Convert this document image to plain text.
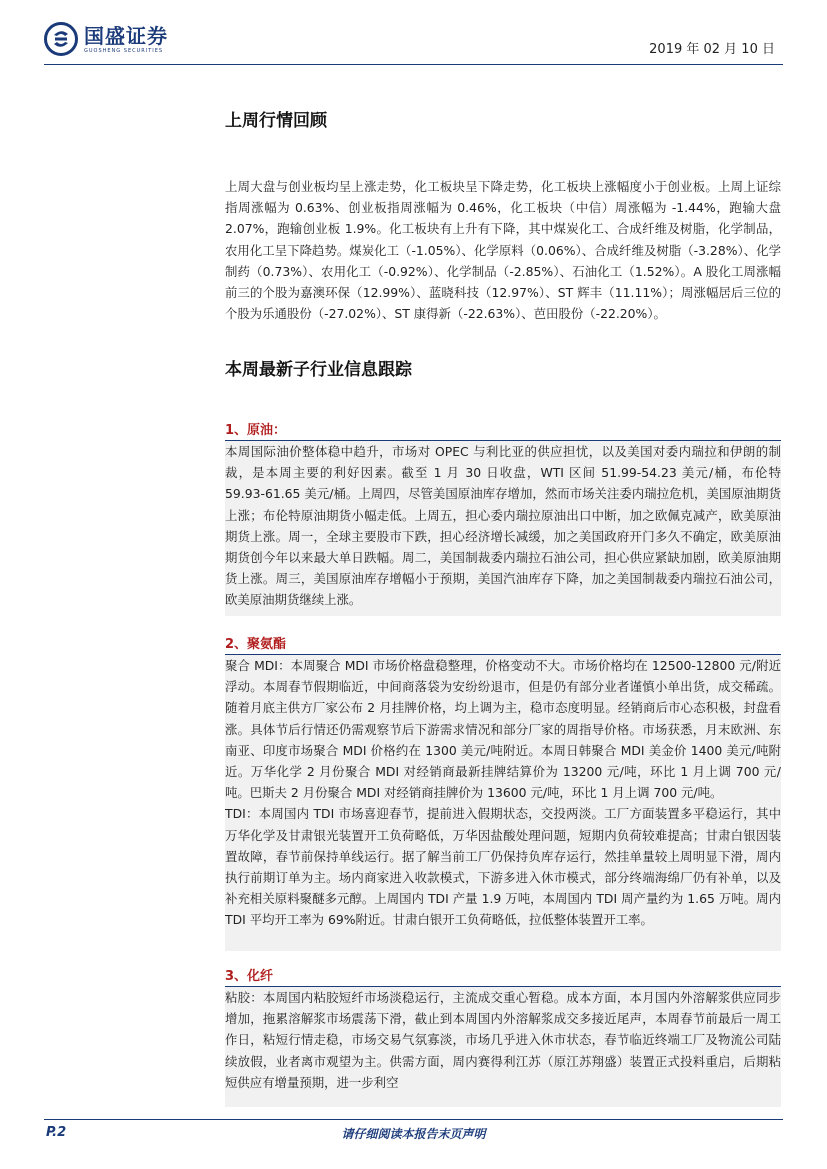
国盛证券
GUOSHENG SECURITIES	2019 年 02 月 10 日
上周行情回顾
上周大盘与创业板均呈上涨走势，化工板块呈下降走势，化工板块上涨幅度小于创业板。上周上证综指周涨幅为 0.63%、创业板指周涨幅为 0.46%，化工板块（中信）周涨幅为 -1.44%，跑输大盘 2.07%，跑输创业板 1.9%。化工板块有上升有下降，其中煤炭化工、合成纤维及树脂，化学制品，农用化工呈下降趋势。煤炭化工（-1.05%）、化学原料（0.06%）、合成纤维及树脂（-3.28%）、化学制药（0.73%）、农用化工（-0.92%）、化学制品（-2.85%）、石油化工（1.52%）。A 股化工周涨幅前三的个股为嘉澳环保（12.99%）、蓝晓科技（12.97%）、ST 辉丰（11.11%）；周涨幅居后三位的个股为乐通股份（-27.02%）、ST 康得新（-22.63%）、芭田股份（-22.20%）。
本周最新子行业信息跟踪
1、原油：

本周国际油价整体稳中趋升，市场对 OPEC 与利比亚的供应担忧，以及美国对委内瑞拉和伊朗的制裁，是本周主要的利好因素。截至 1 月 30 日收盘，WTI 区间 51.99-54.23 美元/桶，布伦特 59.93-61.65 美元/桶。上周四，尽管美国原油库存增加，然而市场关注委内瑞拉危机，美国原油期货上涨；布伦特原油期货小幅走低。上周五，担心委内瑞拉原油出口中断，加之欧佩克减产，欧美原油期货上涨。周一，全球主要股市下跌，担心经济增长减缓，加之美国政府开门多久不确定，欧美原油期货创今年以来最大单日跌幅。周二，美国制裁委内瑞拉石油公司，担心供应紧缺加剧，欧美原油期货上涨。周三，美国原油库存增幅小于预期，美国汽油库存下降，加之美国制裁委内瑞拉石油公司，欧美原油期货继续上涨。

2、聚氨酯

聚合 MDI：本周聚合 MDI 市场价格盘稳整理，价格变动不大。市场价格均在 12500-12800 元/附近浮动。本周春节假期临近，中间商落袋为安纷纷退市，但是仍有部分业者谨慎小单出货，成交稀疏。随着月底主供方厂家公布 2 月挂牌价格，均上调为主，稳市态度明显。经销商后市心态积极，封盘看涨。具体节后行情还仍需观察节后下游需求情况和部分厂家的周指导价格。市场获悉，月末欧洲、东南亚、印度市场聚合 MDI 价格约在 1300 美元/吨附近。本周日韩聚合 MDI 美金价 1400 美元/吨附近。万华化学 2 月份聚合 MDI 对经销商最新挂牌结算价为 13200 元/吨，环比 1 月上调 700 元/吨。巴斯夫 2 月份聚合 MDI 对经销商挂牌价为 13600 元/吨，环比 1 月上调 700 元/吨。

TDI：本周国内 TDI 市场喜迎春节，提前进入假期状态，交投两淡。工厂方面装置多平稳运行，其中万华化学及甘肃银光装置开工负荷略低，万华因盐酸处理问题，短期内负荷较难提高；甘肃白银因装置故障，春节前保持单线运行。据了解当前工厂仍保持负库存运行，然挂单量较上周明显下滑，周内执行前期订单为主。场内商家进入收款模式，下游多进入休市模式，部分终端海绵厂仍有补单，以及补充相关原料聚醚多元醇。上周国内 TDI 产量 1.9 万吨，本周国内 TDI 周产量约为 1.65 万吨。周内 TDI 平均开工率为 69%附近。甘肃白银开工负荷略低，拉低整体装置开工率。

3、化纤

粘胶：本周国内粘胶短纤市场淡稳运行，主流成交重心暂稳。成本方面，本月国内外溶解浆供应同步增加，拖累溶解浆市场震荡下滑，截止到本周国内外溶解浆成交多接近尾声，本周春节前最后一周工作日，粘短行情走稳，市场交易气氛寡淡，市场几乎进入休市状态，春节临近终端工厂及物流公司陆续放假，业者离市观望为主。供需方面，周内赛得利江苏（原江苏翔盛）装置正式投料重启，后期粘短供应有增量预期，进一步利空

P.2	请仔细阅读本报告末页声明
